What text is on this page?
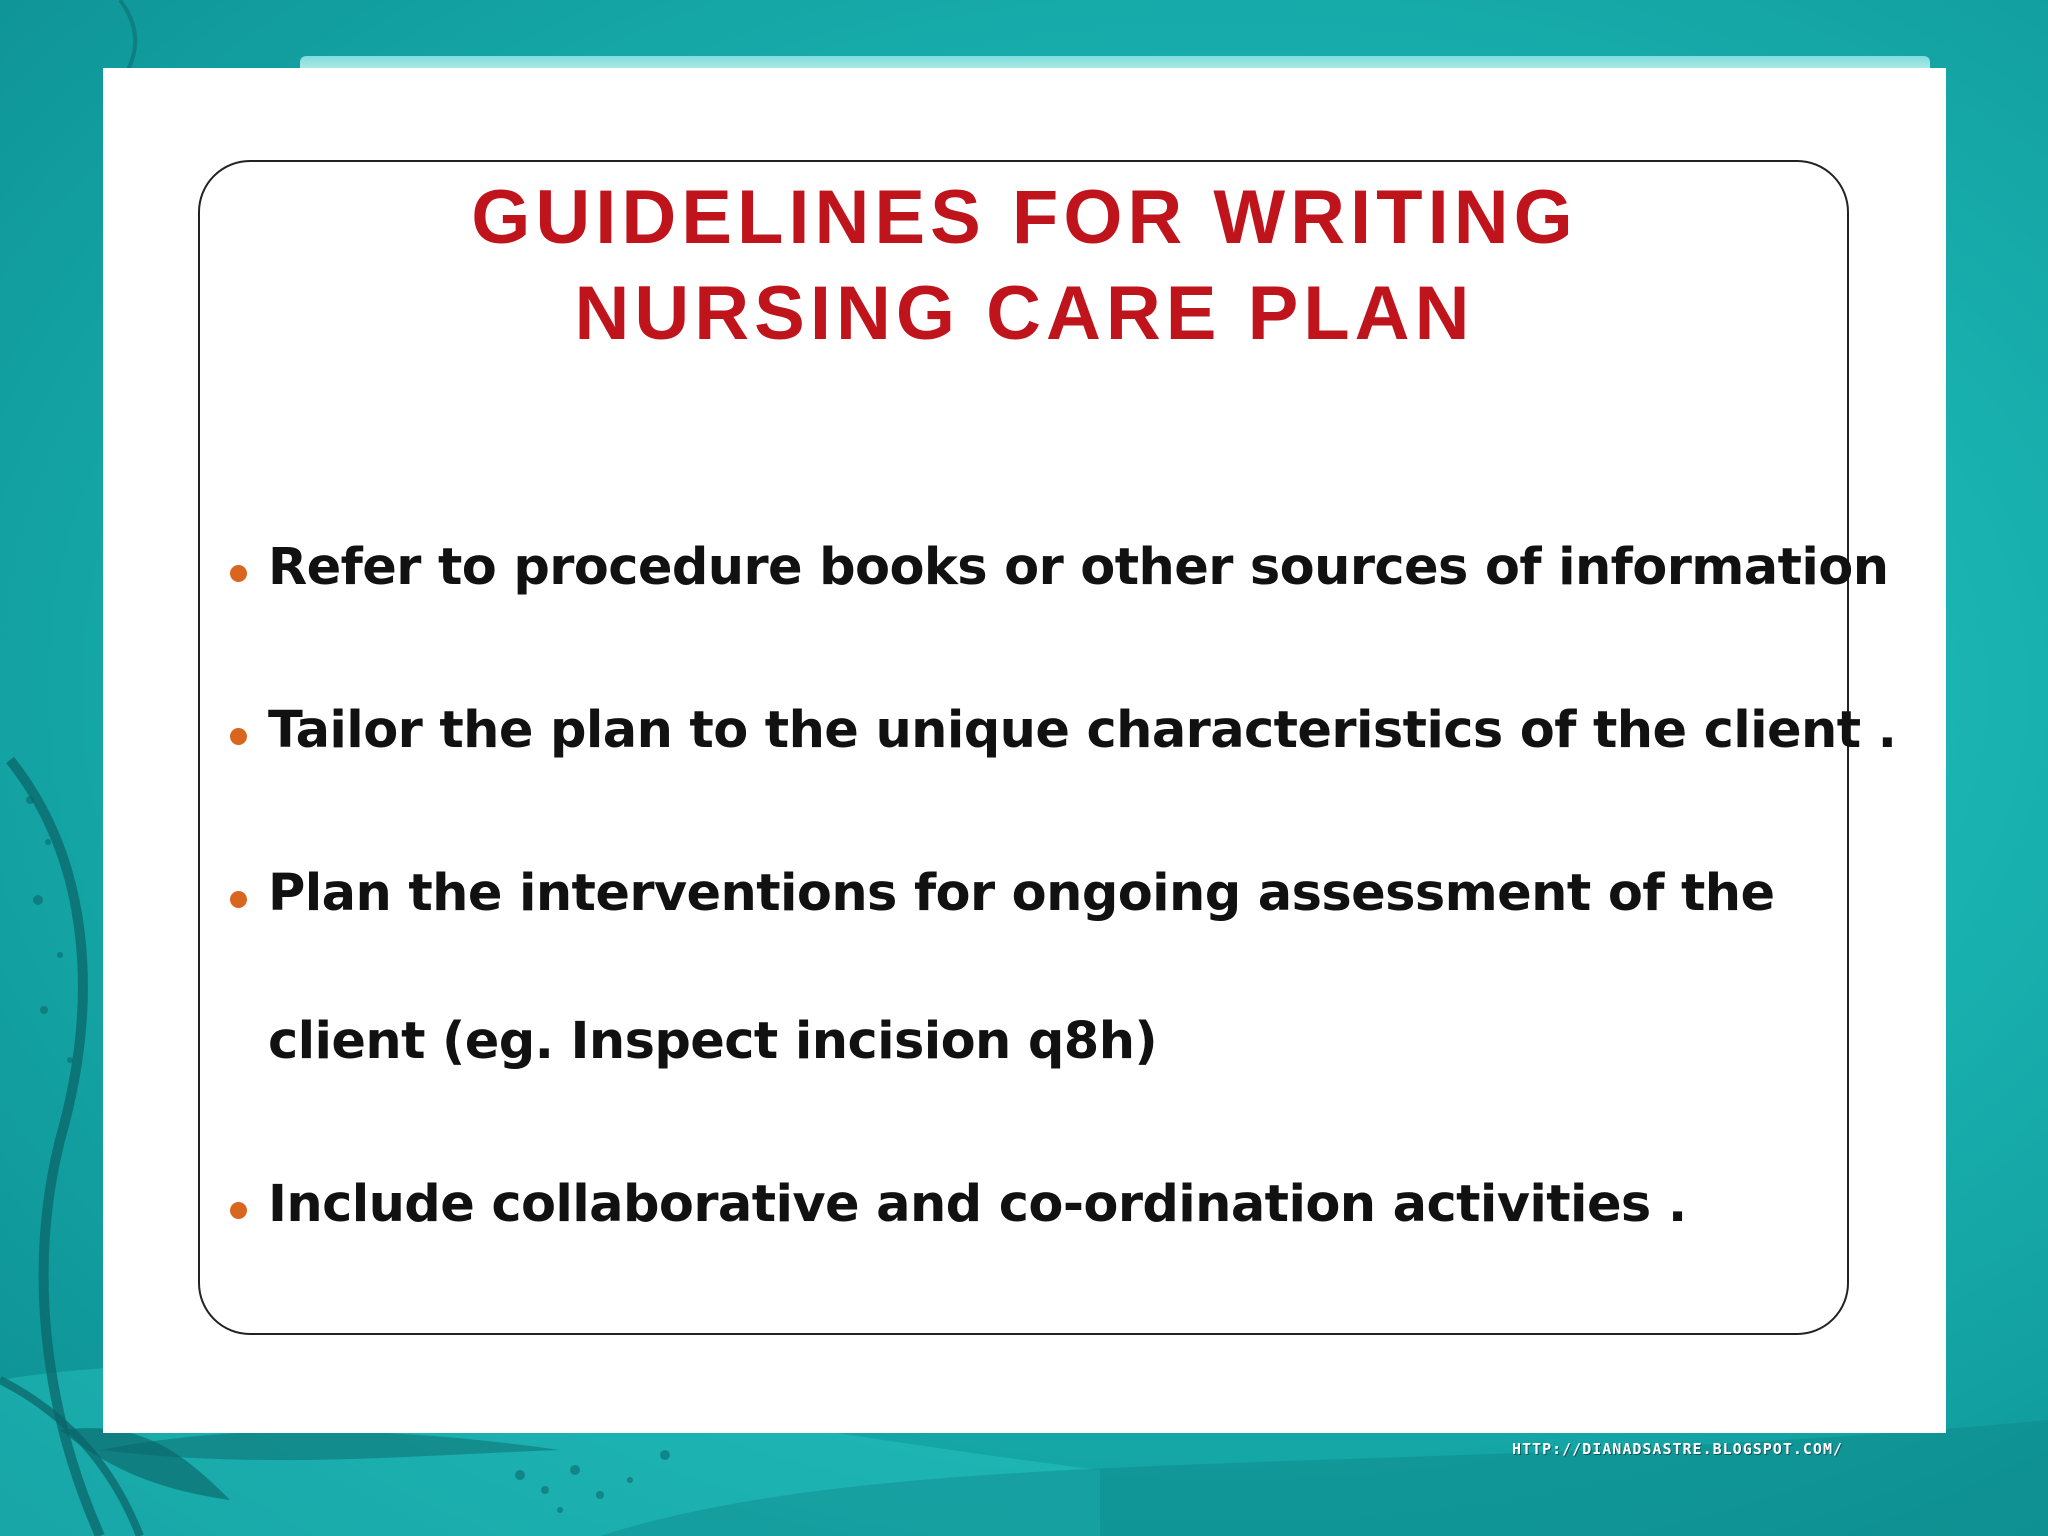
GUIDELINES FOR WRITING
NURSING CARE PLAN
Refer to procedure books or other sources of information
Tailor the plan to the unique characteristics of the client .
Plan the interventions for ongoing assessment of the
client (eg. Inspect incision q8h)
Include collaborative and co-ordination activities .
HTTP://DIANADSASTRE.BLOGSPOT.COM/
